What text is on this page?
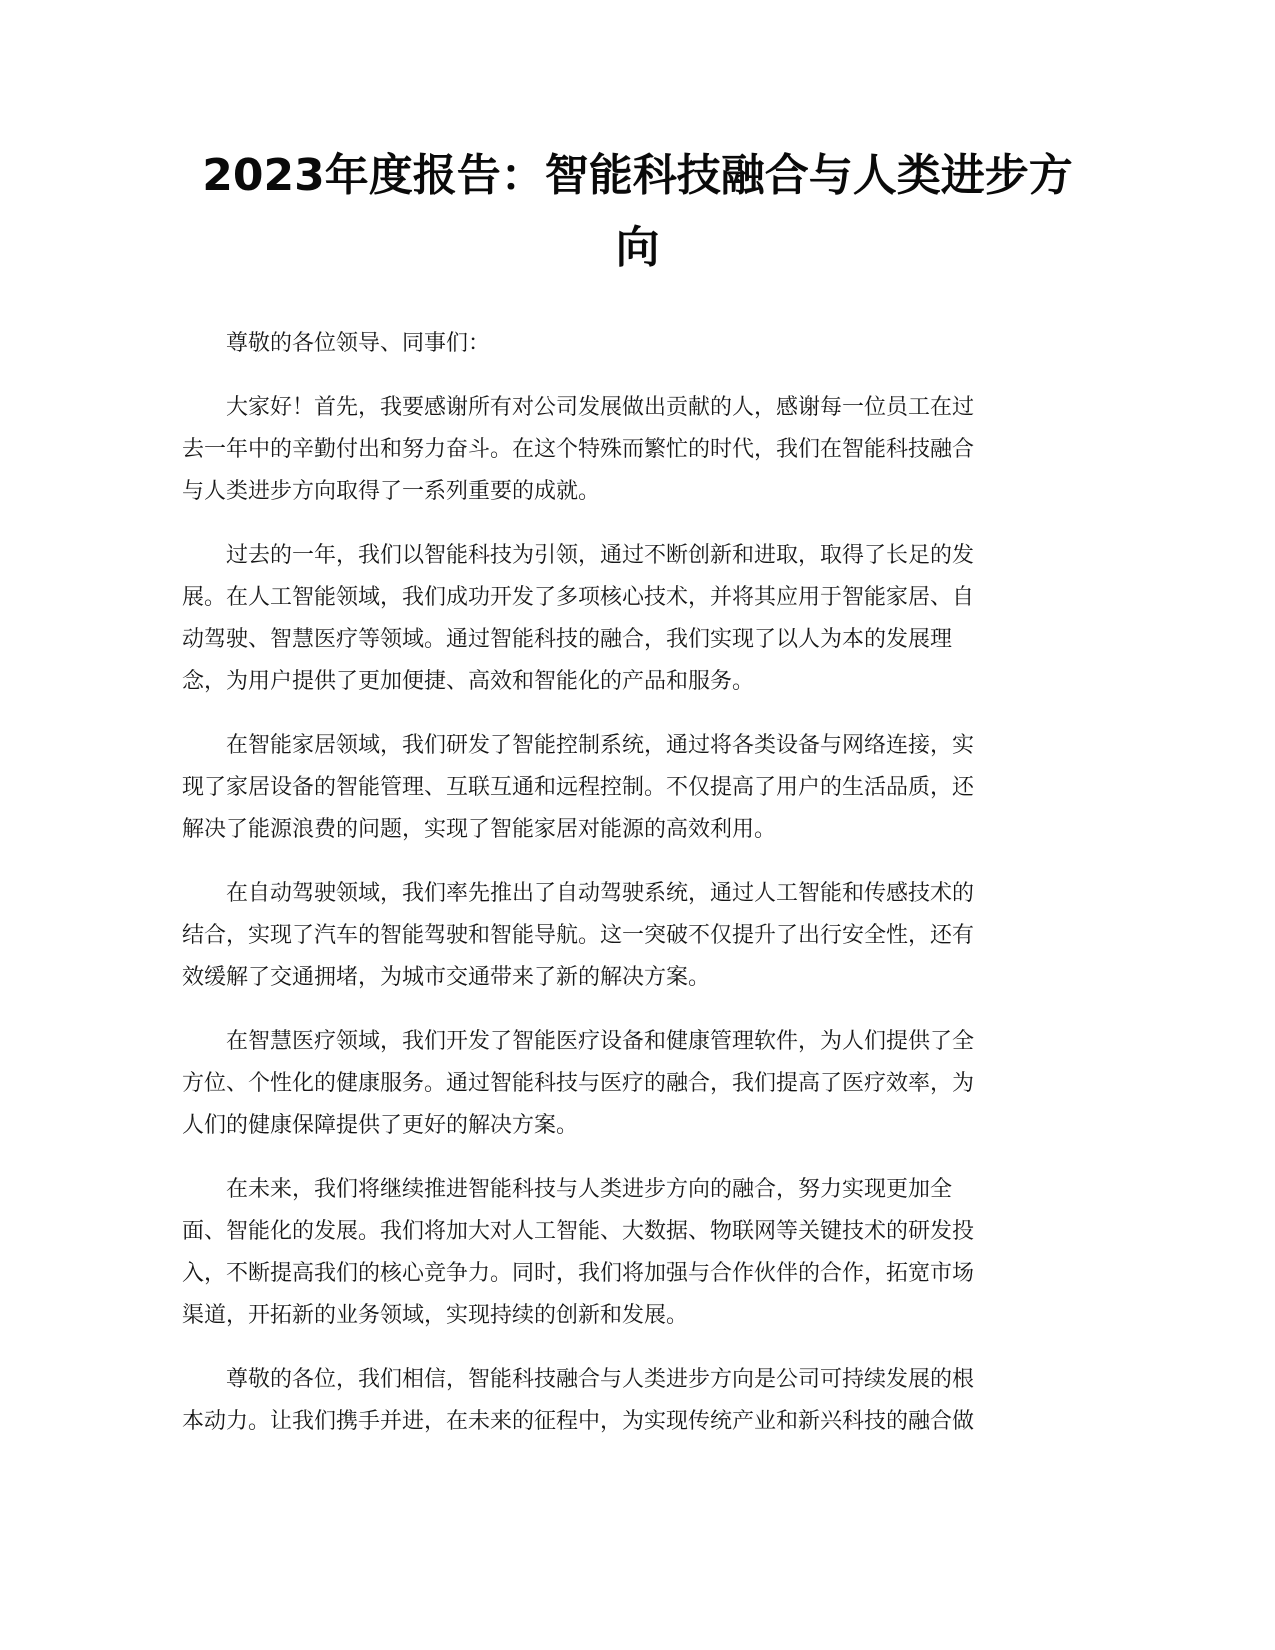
2023年度报告：智能科技融合与人类进步方
向
尊敬的各位领导、同事们：
大家好！首先，我要感谢所有对公司发展做出贡献的人，感谢每一位员工在过
去一年中的辛勤付出和努力奋斗。在这个特殊而繁忙的时代，我们在智能科技融合
与人类进步方向取得了一系列重要的成就。
过去的一年，我们以智能科技为引领，通过不断创新和进取，取得了长足的发
展。在人工智能领域，我们成功开发了多项核心技术，并将其应用于智能家居、自
动驾驶、智慧医疗等领域。通过智能科技的融合，我们实现了以人为本的发展理
念，为用户提供了更加便捷、高效和智能化的产品和服务。
在智能家居领域，我们研发了智能控制系统，通过将各类设备与网络连接，实
现了家居设备的智能管理、互联互通和远程控制。不仅提高了用户的生活品质，还
解决了能源浪费的问题，实现了智能家居对能源的高效利用。
在自动驾驶领域，我们率先推出了自动驾驶系统，通过人工智能和传感技术的
结合，实现了汽车的智能驾驶和智能导航。这一突破不仅提升了出行安全性，还有
效缓解了交通拥堵，为城市交通带来了新的解决方案。
在智慧医疗领域，我们开发了智能医疗设备和健康管理软件，为人们提供了全
方位、个性化的健康服务。通过智能科技与医疗的融合，我们提高了医疗效率，为
人们的健康保障提供了更好的解决方案。
在未来，我们将继续推进智能科技与人类进步方向的融合，努力实现更加全
面、智能化的发展。我们将加大对人工智能、大数据、物联网等关键技术的研发投
入，不断提高我们的核心竞争力。同时，我们将加强与合作伙伴的合作，拓宽市场
渠道，开拓新的业务领域，实现持续的创新和发展。
尊敬的各位，我们相信，智能科技融合与人类进步方向是公司可持续发展的根
本动力。让我们携手并进，在未来的征程中，为实现传统产业和新兴科技的融合做
